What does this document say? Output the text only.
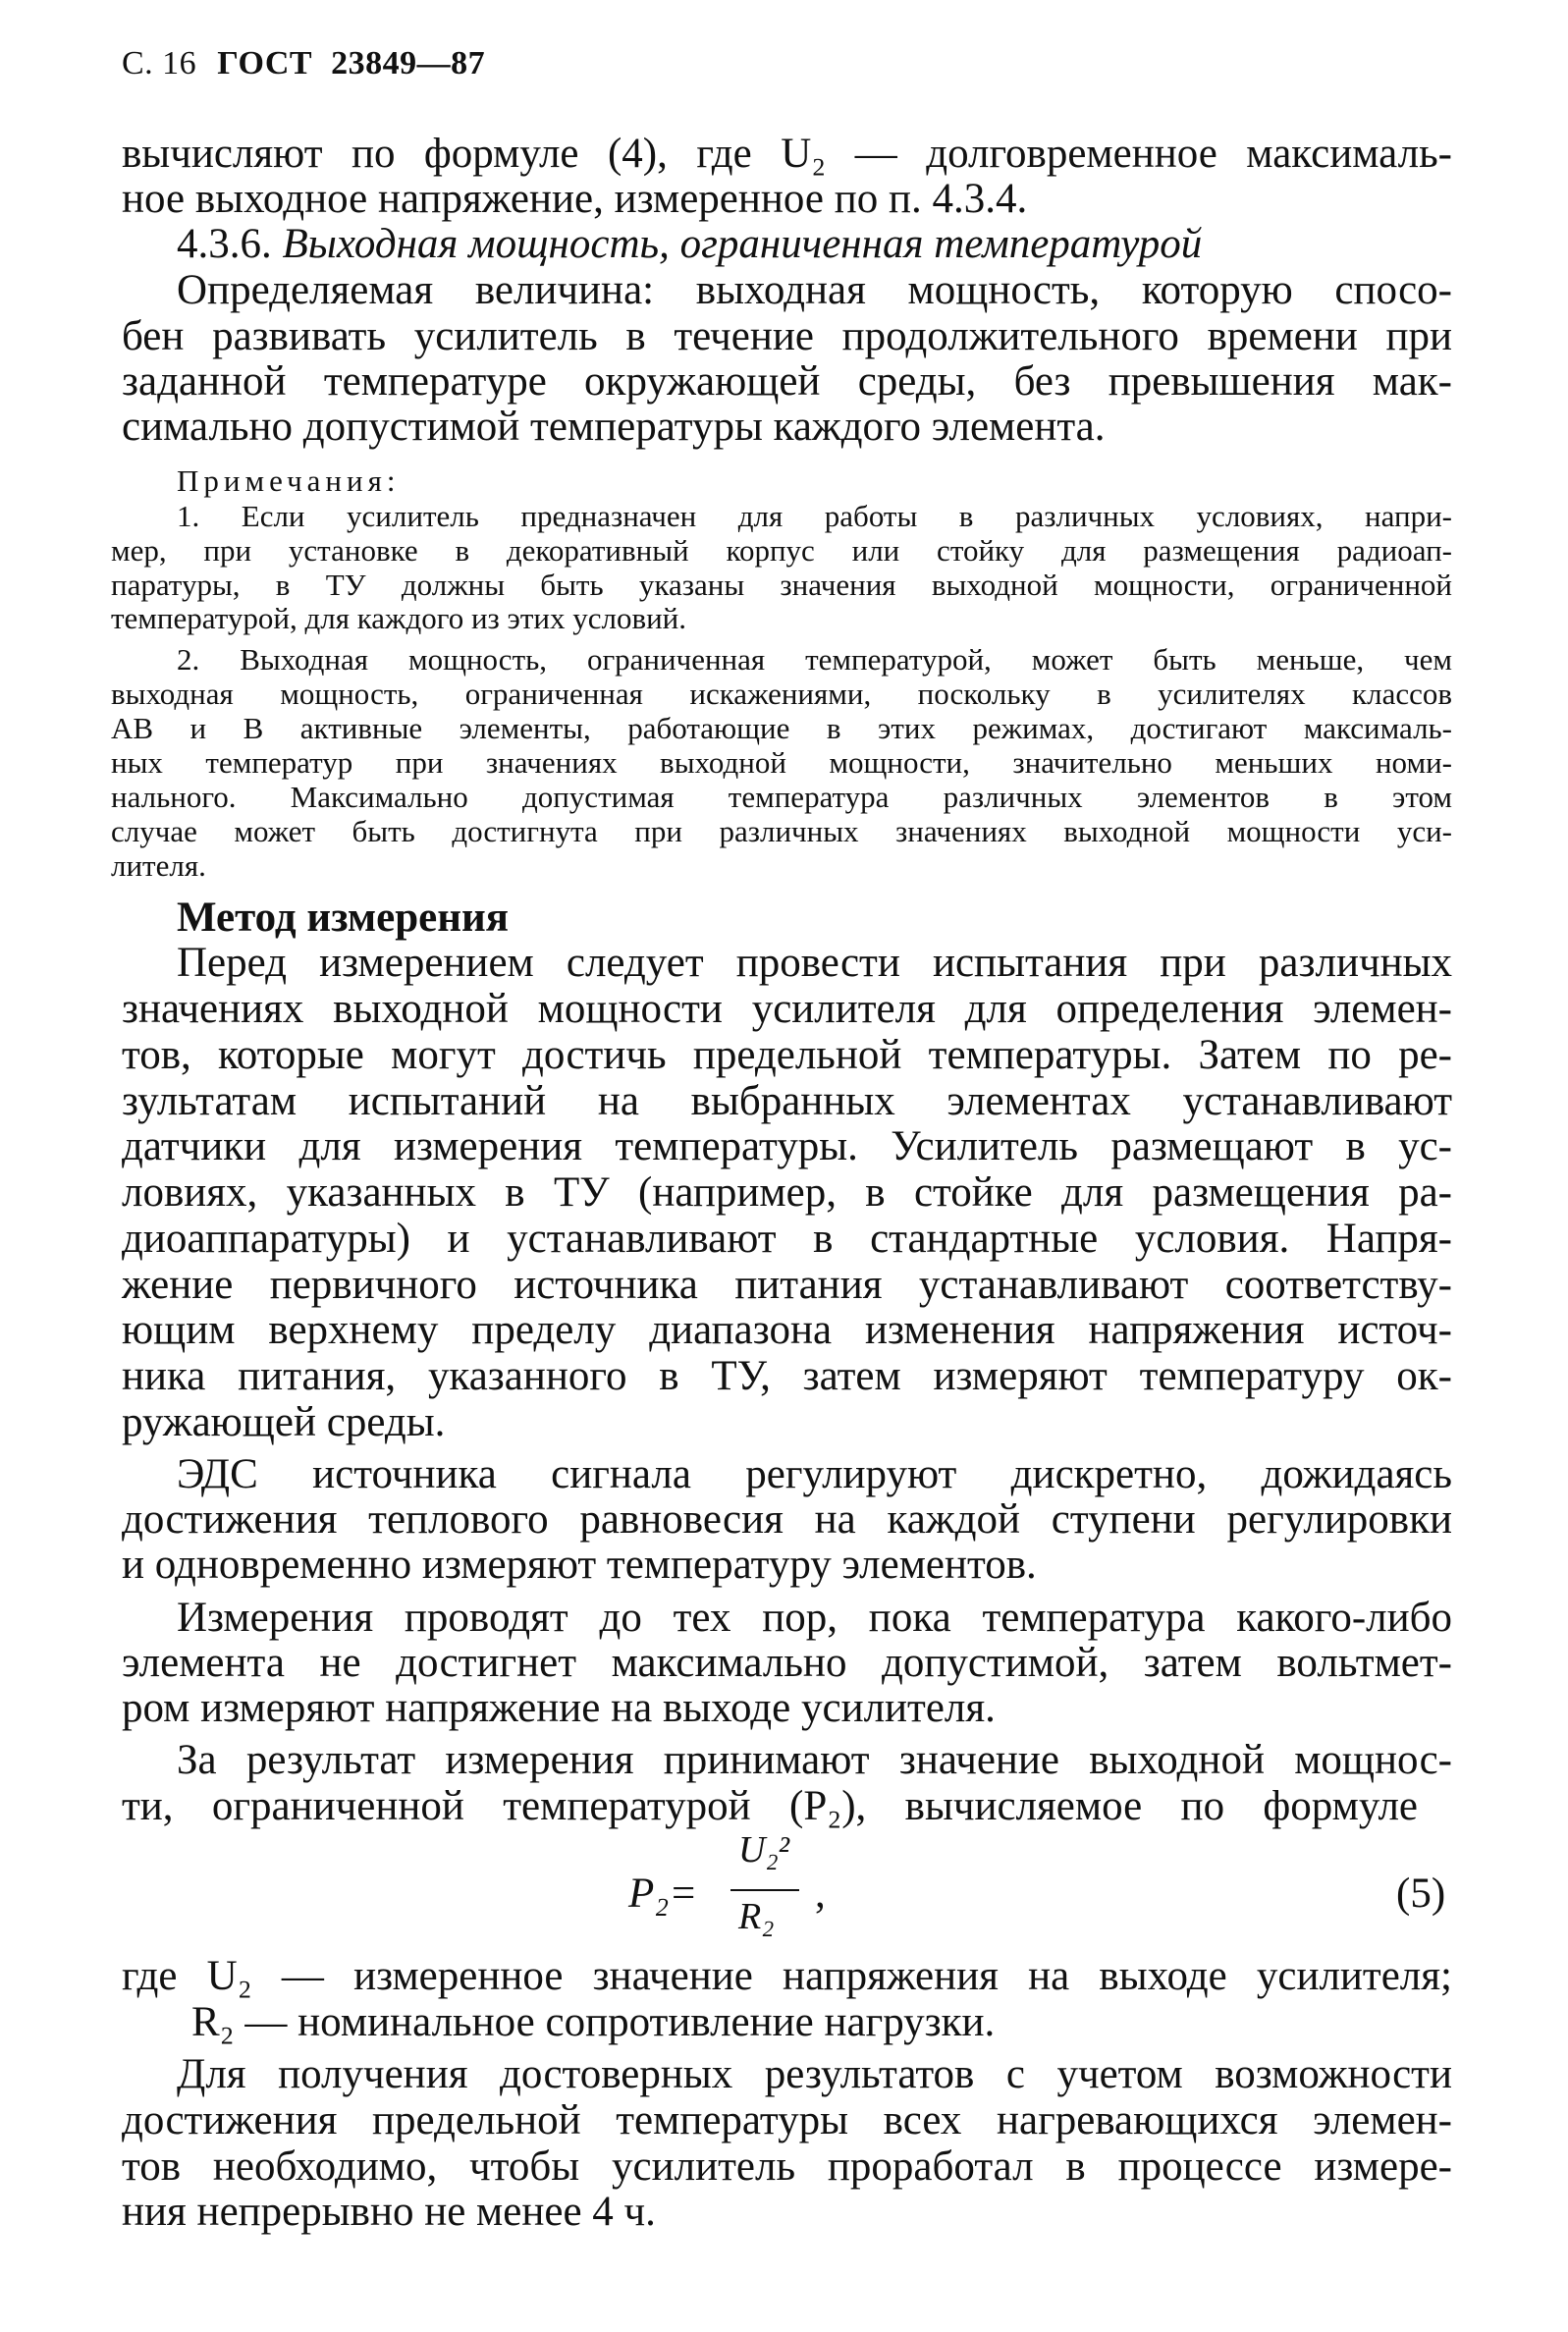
С. 16 ГОСТ 23849—87
вычисляют по формуле (4), где U₂ — долговременное максималь-
ное выходное напряжение, измеренное по п. 4.3.4.
4.3.6. Выходная мощность, ограниченная температурой
Определяемая величина: выходная мощность, которую спосо-
бен развивать усилитель в течение продолжительного времени при
заданной температуре окружающей среды, без превышения мак-
симально допустимой температуры каждого элемента.
Примечания:
1. Если усилитель предназначен для работы в различных условиях, напри-
мер, при установке в декоративный корпус или стойку для размещения радиоап-
паратуры, в ТУ должны быть указаны значения выходной мощности, ограниченной
температурой, для каждого из этих условий.
2. Выходная мощность, ограниченная температурой, может быть меньше, чем
выходная мощность, ограниченная искажениями, поскольку в усилителях классов
АВ и В активные элементы, работающие в этих режимах, достигают максималь-
ных температур при значениях выходной мощности, значительно меньших номи-
нального. Максимально допустимая температура различных элементов в этом
случае может быть достигнута при различных значениях выходной мощности уси-
лителя.
Метод измерения
Перед измерением следует провести испытания при различных
значениях выходной мощности усилителя для определения элемен-
тов, которые могут достичь предельной температуры. Затем по ре-
зультатам испытаний на выбранных элементах устанавливают
датчики для измерения температуры. Усилитель размещают в ус-
ловиях, указанных в ТУ (например, в стойке для размещения ра-
диоаппаратуры) и устанавливают в стандартные условия. Напря-
жение первичного источника питания устанавливают соответству-
ющим верхнему пределу диапазона изменения напряжения источ-
ника питания, указанного в ТУ, затем измеряют температуру ок-
ружающей среды.
ЭДС источника сигнала регулируют дискретно, дожидаясь
достижения теплового равновесия на каждой ступени регулировки
и одновременно измеряют температуру элементов.
Измерения проводят до тех пор, пока температура какого-либо
элемента не достигнет максимально допустимой, затем вольтмет-
ром измеряют напряжение на выходе усилителя.
За результат измерения принимают значение выходной мощнос-
ти, ограниченной температурой (P₂), вычисляемое по формуле
P₂=
U₂²
R₂ ,	(5)
где U₂ — измеренное значение напряжения на выходе усилителя;
R₂ — номинальное сопротивление нагрузки.
Для получения достоверных результатов с учетом возможности
достижения предельной температуры всех нагревающихся элемен-
тов необходимо, чтобы усилитель проработал в процессе измере-
ния непрерывно не менее 4 ч.
